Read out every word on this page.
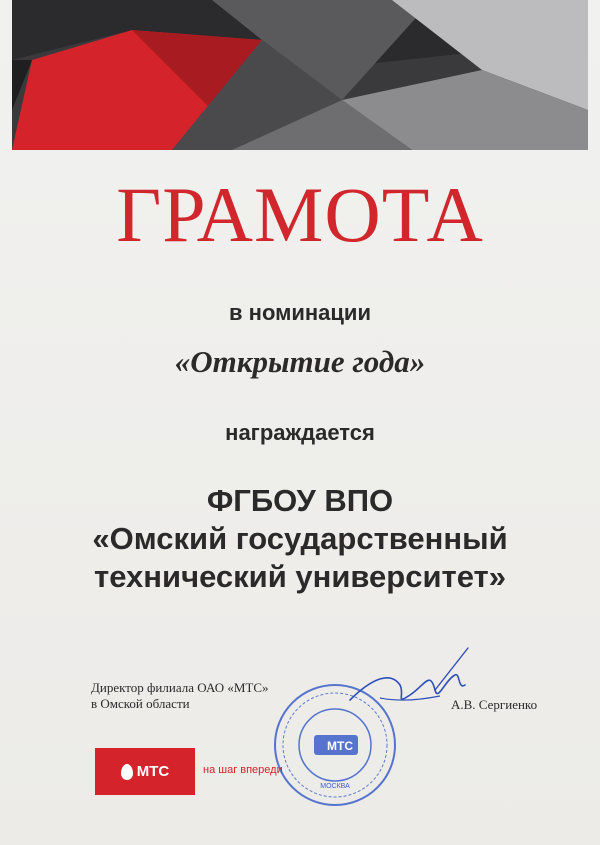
ГРАМОТА
в номинации
«Открытие года»
награждается
ФГБОУ ВПО
«Омский государственный
технический университет»
Директор филиала ОАО «МТС»
в Омской области	А.В. Сергиенко
МТС
МОСКВА
МТС	на шаг впереди
